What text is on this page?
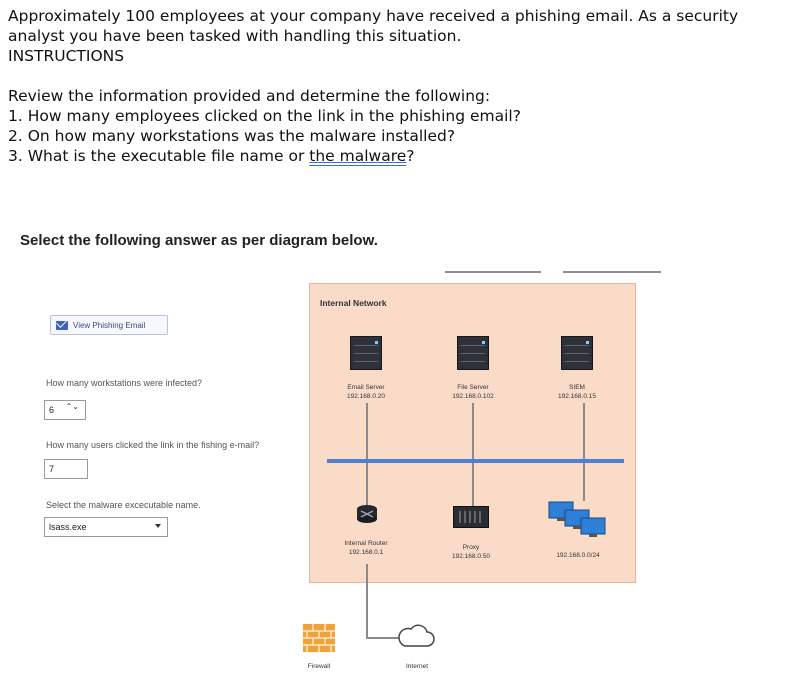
Approximately 100 employees at your company have received a phishing email. As a security

analyst you have been tasked with handling this situation.

INSTRUCTIONS

Review the information provided and determine the following:

1. How many employees clicked on the link in the phishing email?

2. On how many workstations was the malware installed?

3. What is the executable file name or the malware?

Select the following answer as per diagram below.
View Phishing Email
How many workstations were infected?
6 ⌃⌄
How many users clicked the link in the fishing e-mail?
7
Select the malware excecutable name.
lsass.exe
Internal Network
Email Server
192.168.0.20
File Server
192.168.0.102
SIEM
192.168.0.15
Internal Router
192.168.0.1
Proxy
192.168.0.50	192.168.0.0/24
Firewall	Internet
